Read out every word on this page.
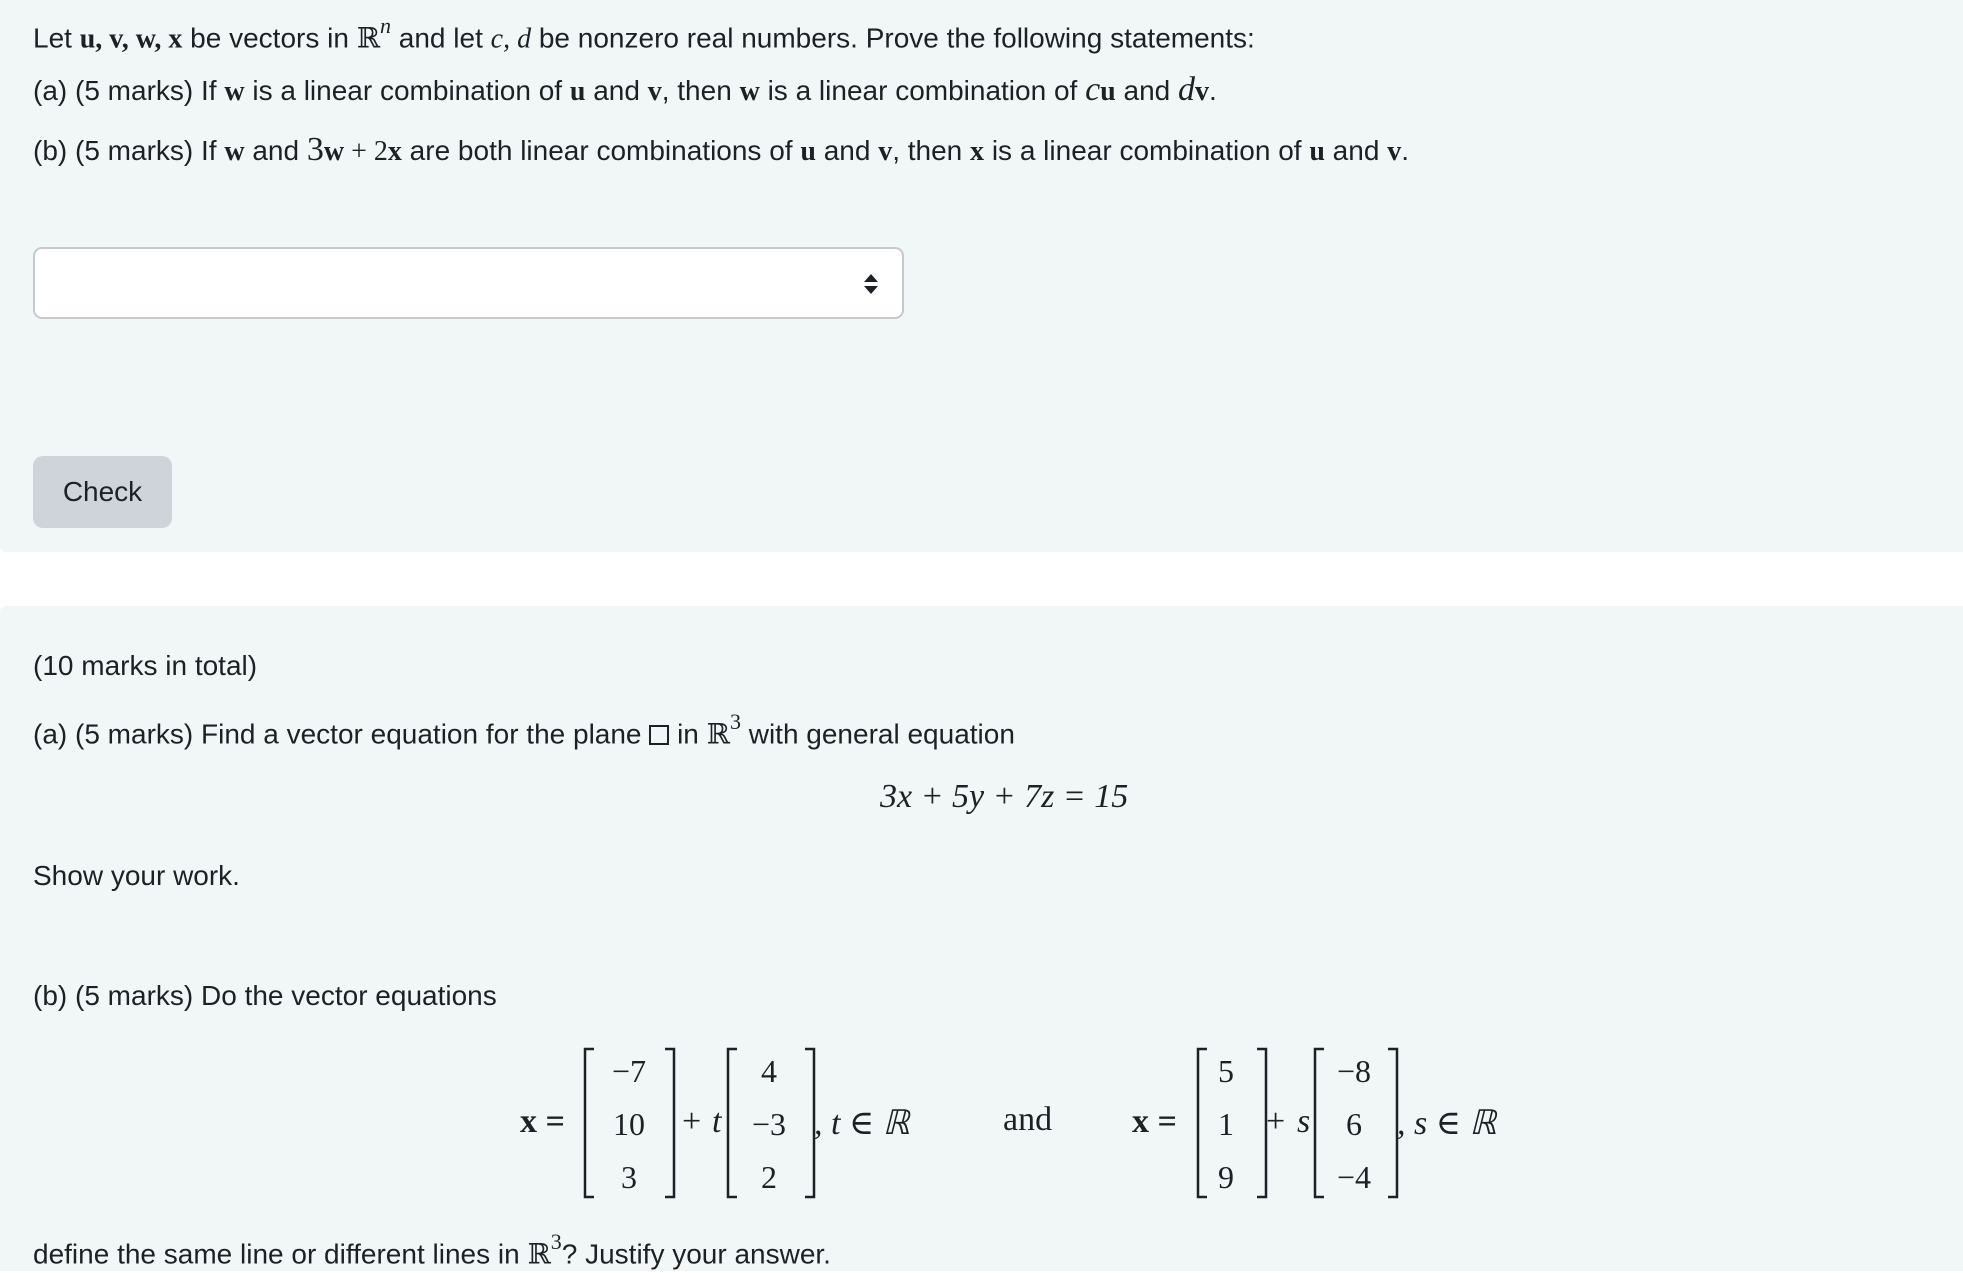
Let u, v, w, x be vectors in ℝ$^n$ and let c, d be nonzero real numbers. Prove the following statements:
(a) (5 marks) If w is a linear combination of u and v, then w is a linear combination of cu and dv.
(b) (5 marks) If w and 3w + 2x are both linear combinations of u and v, then x is a linear combination of u and v.
Check
(10 marks in total)
(a) (5 marks) Find a vector equation for the plane  in ℝ$^3$ with general equation
3x + 5y + 7z = 15
Show your work.
(b) (5 marks) Do the vector equations
x =
−7
10
3
+ t
4
−3
2
, t ∈ ℝ	and x =
5
1
9
+ s
−8
6
−4
, s ∈ ℝ
define the same line or different lines in ℝ$^3$? Justify your answer.
